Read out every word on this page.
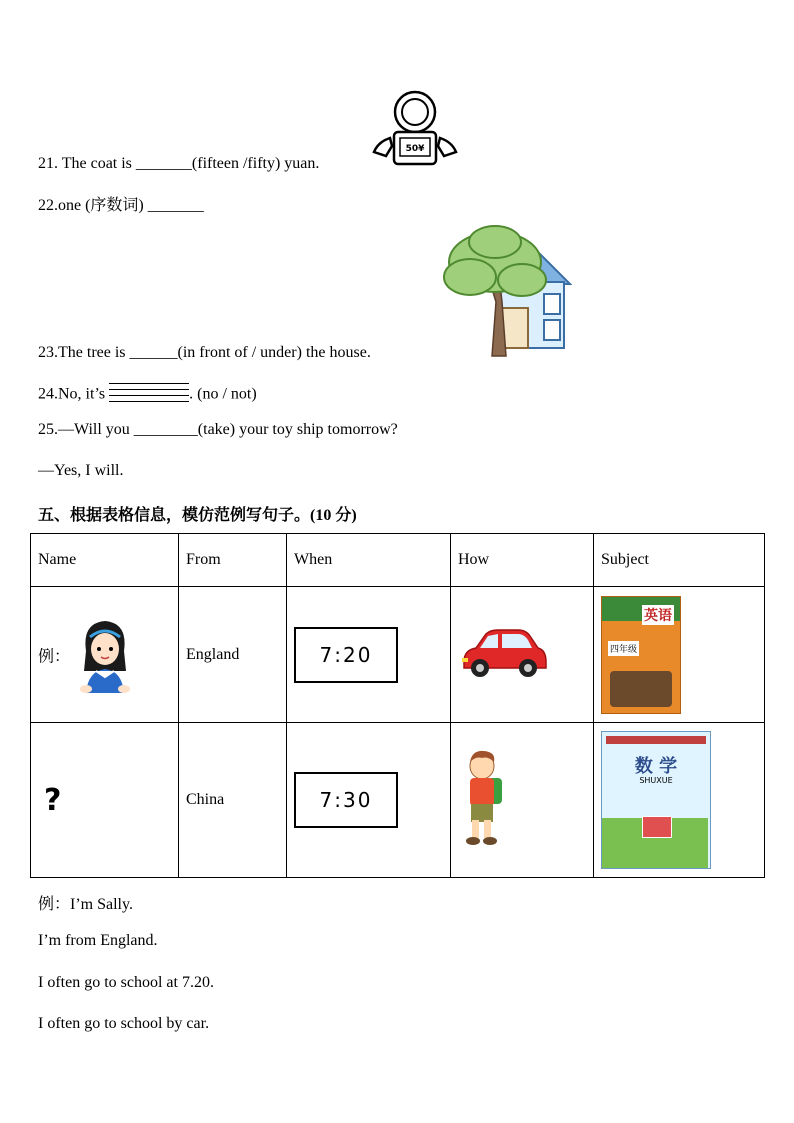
50¥
21. The coat is _______(fifteen /fifty) yuan.
22.one (序数词) _______
23.The tree is ______(in front of / under) the house.
24.No, it’s	. (no / not)
25.—Will you ________(take) your toy ship tomorrow?
—Yes, I will.
五、根据表格信息，模仿范例写句子。(10 分)
Name	From	When	How	Subject
例：	England	7:20		英语
四年级

?	China	7:30		数 学
SHUXUE
例：I’m Sally.
I’m from England.
I often go to school at 7.20.
I often go to school by car.
